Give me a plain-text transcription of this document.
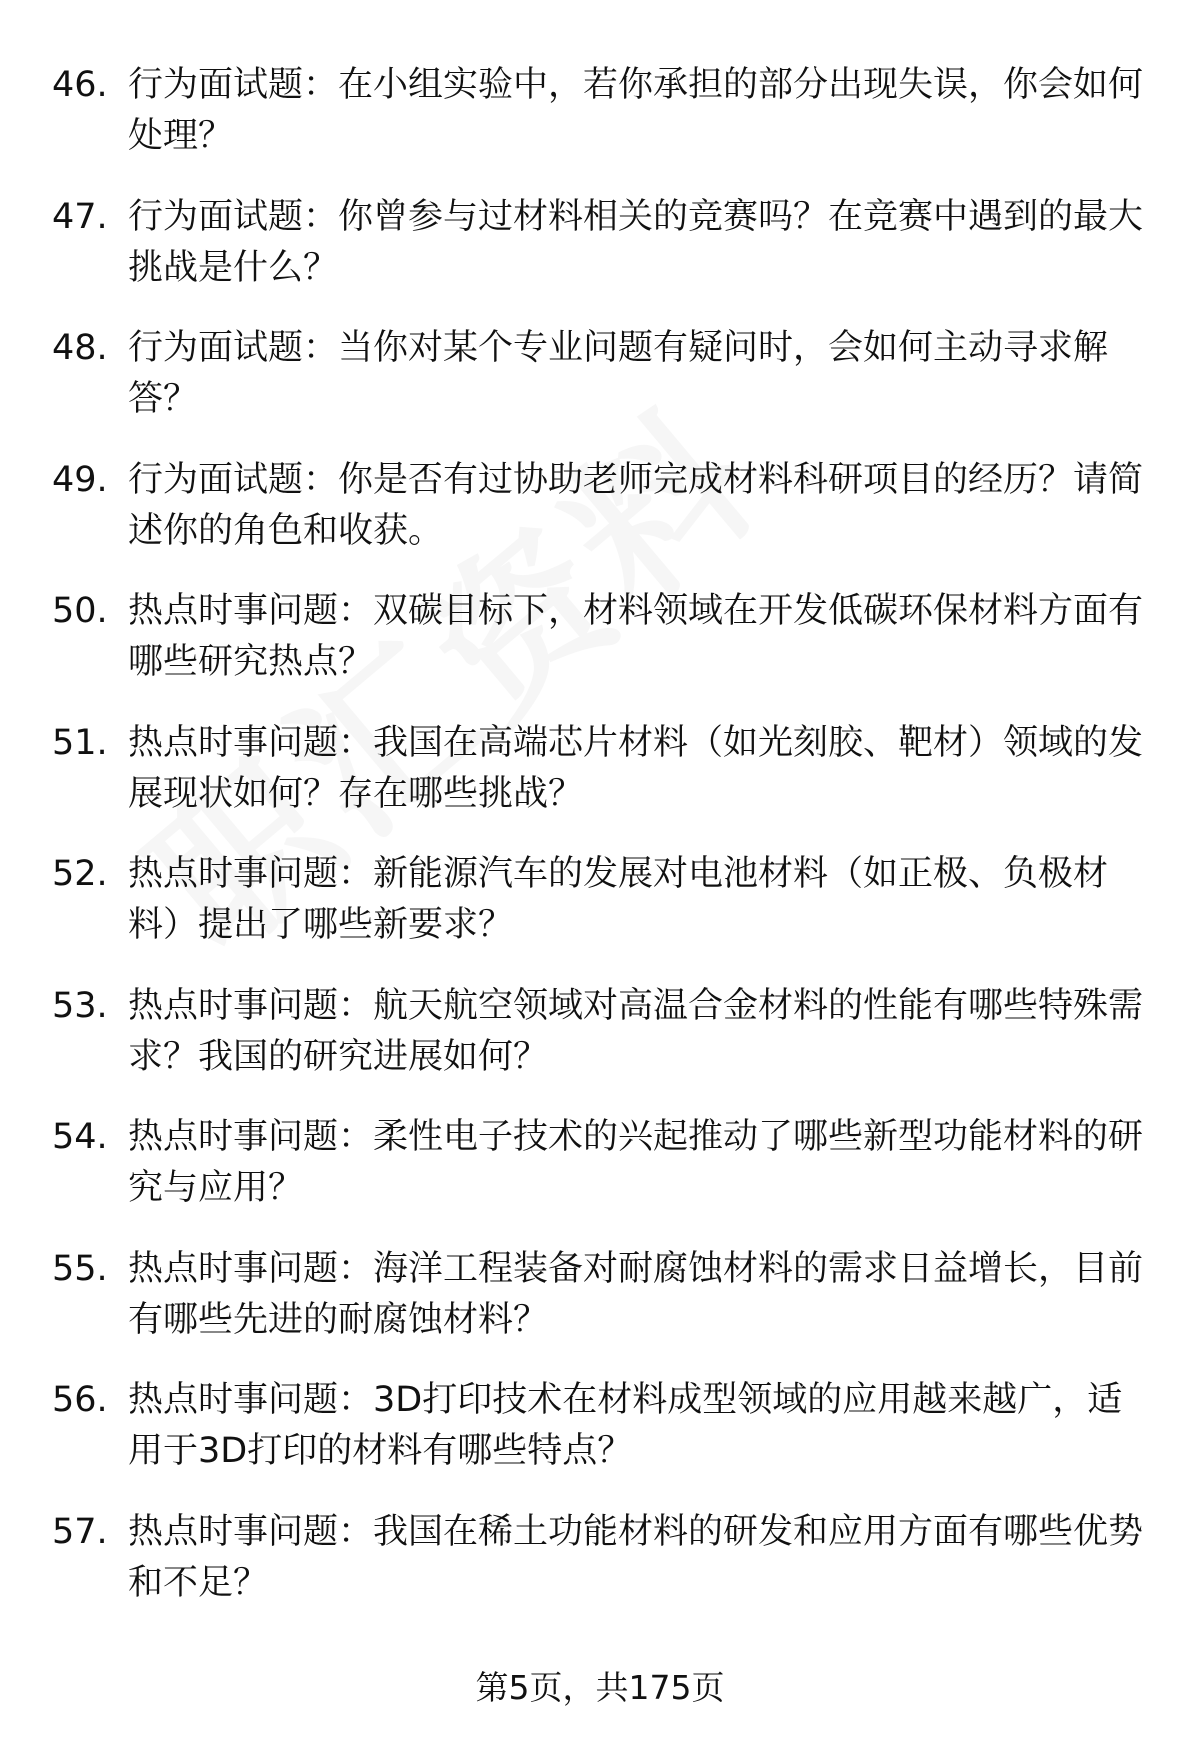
46. 行为面试题：在小组实验中，若你承担的部分出现失误，你会如何处理？
47. 行为面试题：你曾参与过材料相关的竞赛吗？在竞赛中遇到的最大挑战是什么？
48. 行为面试题：当你对某个专业问题有疑问时，会如何主动寻求解答？
49. 行为面试题：你是否有过协助老师完成材料科研项目的经历？请简述你的角色和收获。
50. 热点时事问题：双碳目标下，材料领域在开发低碳环保材料方面有哪些研究热点？
51. 热点时事问题：我国在高端芯片材料（如光刻胶、靶材）领域的发展现状如何？存在哪些挑战？
52. 热点时事问题：新能源汽车的发展对电池材料（如正极、负极材料）提出了哪些新要求？
53. 热点时事问题：航天航空领域对高温合金材料的性能有哪些特殊需求？我国的研究进展如何？
54. 热点时事问题：柔性电子技术的兴起推动了哪些新型功能材料的研究与应用？
55. 热点时事问题：海洋工程装备对耐腐蚀材料的需求日益增长，目前有哪些先进的耐腐蚀材料？
56. 热点时事问题：3D打印技术在材料成型领域的应用越来越广，适用于3D打印的材料有哪些特点？
57. 热点时事问题：我国在稀土功能材料的研发和应用方面有哪些优势和不足？
第5页，共175页
